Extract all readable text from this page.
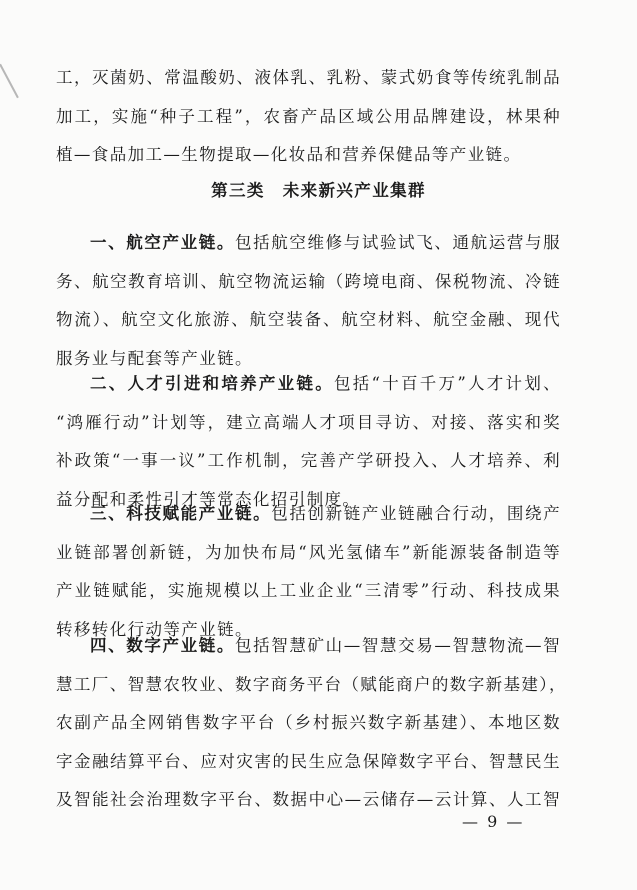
工，灭菌奶、常温酸奶、液体乳、乳粉、蒙式奶食等传统乳制品
加工，实施“种子工程”，农畜产品区域公用品牌建设，林果种
植—食品加工—生物提取—化妆品和营养保健品等产业链。
第三类　未来新兴产业集群
一、航空产业链。包括航空维修与试验试飞、通航运营与服
务、航空教育培训、航空物流运输（跨境电商、保税物流、冷链
物流）、航空文化旅游、航空装备、航空材料、航空金融、现代
服务业与配套等产业链。
二、人才引进和培养产业链。包括“十百千万”人才计划、
“鸿雁行动”计划等，建立高端人才项目寻访、对接、落实和奖
补政策“一事一议”工作机制，完善产学研投入、人才培养、利
益分配和柔性引才等常态化招引制度。
三、科技赋能产业链。包括创新链产业链融合行动，围绕产
业链部署创新链，为加快布局“风光氢储车”新能源装备制造等
产业链赋能，实施规模以上工业企业“三清零”行动、科技成果
转移转化行动等产业链。
四、数字产业链。包括智慧矿山—智慧交易—智慧物流—智
慧工厂、智慧农牧业、数字商务平台（赋能商户的数字新基建），
农副产品全网销售数字平台（乡村振兴数字新基建）、本地区数
字金融结算平台、应对灾害的民生应急保障数字平台、智慧民生
及智能社会治理数字平台、数据中心—云储存—云计算、人工智
— 9 —
